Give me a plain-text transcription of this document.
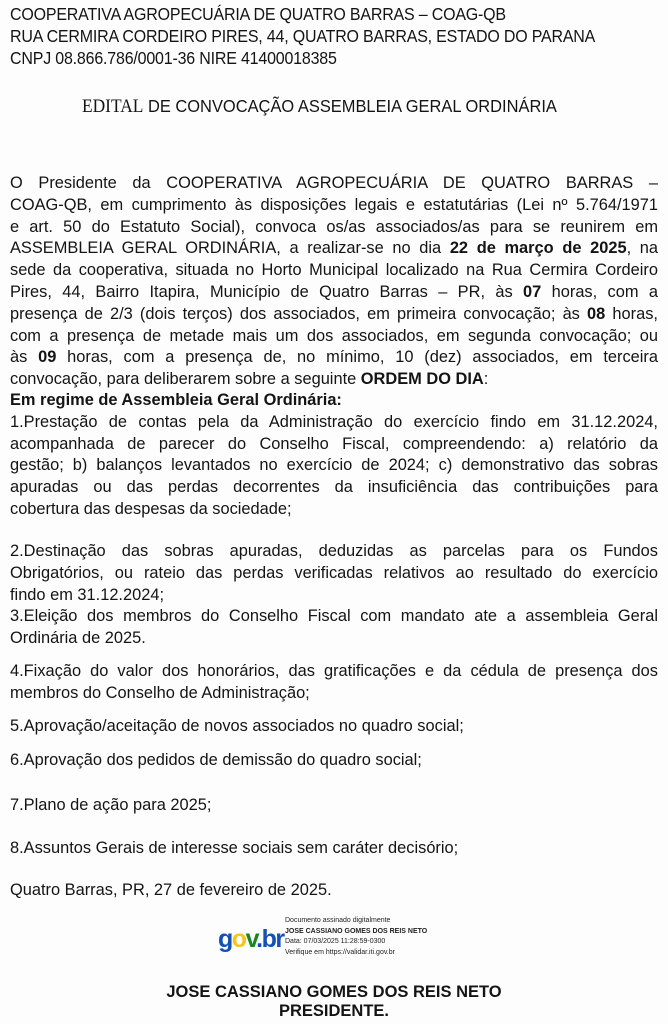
COOPERATIVA AGROPECUÁRIA DE QUATRO BARRAS – COAG-QB
RUA CERMIRA CORDEIRO PIRES, 44, QUATRO BARRAS, ESTADO DO PARANA
CNPJ 08.866.786/0001-36 NIRE 41400018385
EDITAL DE CONVOCAÇÃO ASSEMBLEIA GERAL ORDINÁRIA
O Presidente da COOPERATIVA AGROPECUÁRIA DE QUATRO BARRAS –
COAG-QB, em cumprimento às disposições legais e estatutárias (Lei nº 5.764/1971
e art. 50 do Estatuto Social), convoca os/as associados/as para se reunirem em
ASSEMBLEIA GERAL ORDINÁRIA, a realizar-se no dia 22 de março de 2025, na
sede da cooperativa, situada no Horto Municipal localizado na Rua Cermira Cordeiro
Pires, 44, Bairro Itapira, Município de Quatro Barras – PR, às 07 horas, com a
presença de 2/3 (dois terços) dos associados, em primeira convocação; às 08 horas,
com a presença de metade mais um dos associados, em segunda convocação; ou
às 09 horas, com a presença de, no mínimo, 10 (dez) associados, em terceira
convocação, para deliberarem sobre a seguinte ORDEM DO DIA:
Em regime de Assembleia Geral Ordinária:
1.Prestação de contas pela da Administração do exercício findo em 31.12.2024,
acompanhada de parecer do Conselho Fiscal, compreendendo: a) relatório da
gestão; b) balanços levantados no exercício de 2024; c) demonstrativo das sobras
apuradas ou das perdas decorrentes da insuficiência das contribuições para
cobertura das despesas da sociedade;
2.Destinação das sobras apuradas, deduzidas as parcelas para os Fundos
Obrigatórios, ou rateio das perdas verificadas relativos ao resultado do exercício
findo em 31.12.2024;
3.Eleição dos membros do Conselho Fiscal com mandato ate a assembleia Geral
Ordinária de 2025.
4.Fixação do valor dos honorários, das gratificações e da cédula de presença dos
membros do Conselho de Administração;
5.Aprovação/aceitação de novos associados no quadro social;
6.Aprovação dos pedidos de demissão do quadro social;
7.Plano de ação para 2025;
8.Assuntos Gerais de interesse sociais sem caráter decisório;
Quatro Barras, PR, 27 de fevereiro de 2025.
gov.br
Documento assinado digitalmente
JOSE CASSIANO GOMES DOS REIS NETO
Data: 07/03/2025 11:28:59-0300
Verifique em https://validar.iti.gov.br
JOSE CASSIANO GOMES DOS REIS NETO
PRESIDENTE.
